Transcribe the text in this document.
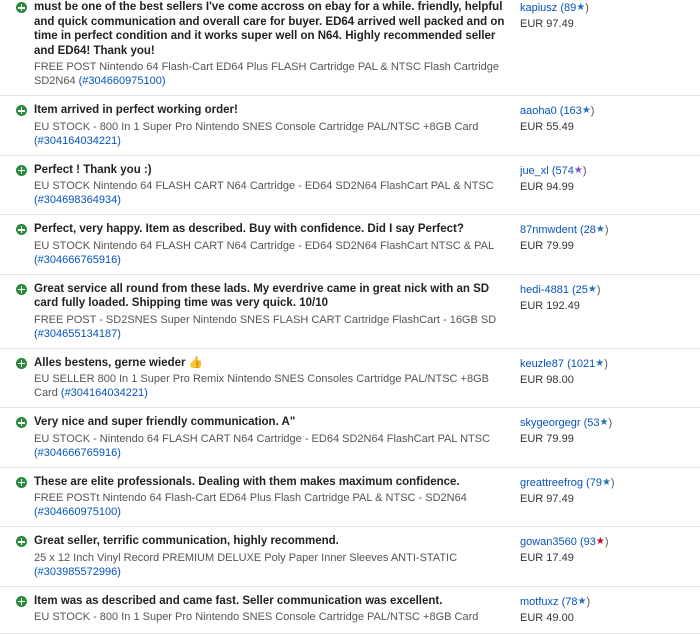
must be one of the best sellers I've come accross on ebay for a while. friendly, helpful and quick communication and overall care for buyer. ED64 arrived well packed and on time in perfect condition and it works super well on N64. Highly recommended seller and ED64! Thank you!
FREE POST Nintendo 64 Flash-Cart ED64 Plus FLASH Cartridge PAL & NTSC Flash Cartridge SD2N64 (#304660975100)
kapiusz (89★)
EUR 97.49
Item arrived in perfect working order!
EU STOCK - 800 In 1 Super Pro Nintendo SNES Console Cartridge PAL/NTSC +8GB Card (#304164034221)
aaoha0 (163★)
EUR 55.49
Perfect ! Thank you :)
EU STOCK Nintendo 64 FLASH CART N64 Cartridge - ED64 SD2N64 FlashCart PAL & NTSC (#304698364934)
jue_xl (574★)
EUR 94.99
Perfect, very happy. Item as described. Buy with confidence. Did I say Perfect?
EU STOCK Nintendo 64 FLASH CART N64 Cartridge - ED64 SD2N64 FlashCart NTSC & PAL (#304666765916)
87nmwdent (28★)
EUR 79.99
Great service all round from these lads. My everdrive came in great nick with an SD card fully loaded. Shipping time was very quick. 10/10
FREE POST - SD2SNES Super Nintendo SNES FLASH CART Cartridge FlashCart - 16GB SD (#304655134187)
hedi-4881 (25★)
EUR 192.49
Alles bestens, gerne wieder 👍
EU SELLER 800 In 1 Super Pro Remix Nintendo SNES Consoles Cartridge PAL/NTSC +8GB Card (#304164034221)
keuzle87 (1021★)
EUR 98.00
Very nice and super friendly communication. A"
EU STOCK - Nintendo 64 FLASH CART N64 Cartridge - ED64 SD2N64 FlashCart PAL NTSC (#304666765916)
skygeorgegr (53★)
EUR 79.99
These are elite professionals. Dealing with them makes maximum confidence.
FREE POSTt Nintendo 64 Flash-Cart ED64 Plus Flash Cartridge PAL & NTSC - SD2N64 (#304660975100)
greattreefrog (79★)
EUR 97.49
Great seller, terrific communication, highly recommend.
25 x 12 Inch Vinyl Record PREMIUM DELUXE Poly Paper Inner Sleeves ANTI-STATIC (#303985572996)
gowan3560 (93★)
EUR 17.49
Item was as described and came fast. Seller communication was excellent.
EU STOCK - 800 In 1 Super Pro Nintendo SNES Console Cartridge PAL/NTSC +8GB Card
motfuxz (78★)
EUR 49.00
